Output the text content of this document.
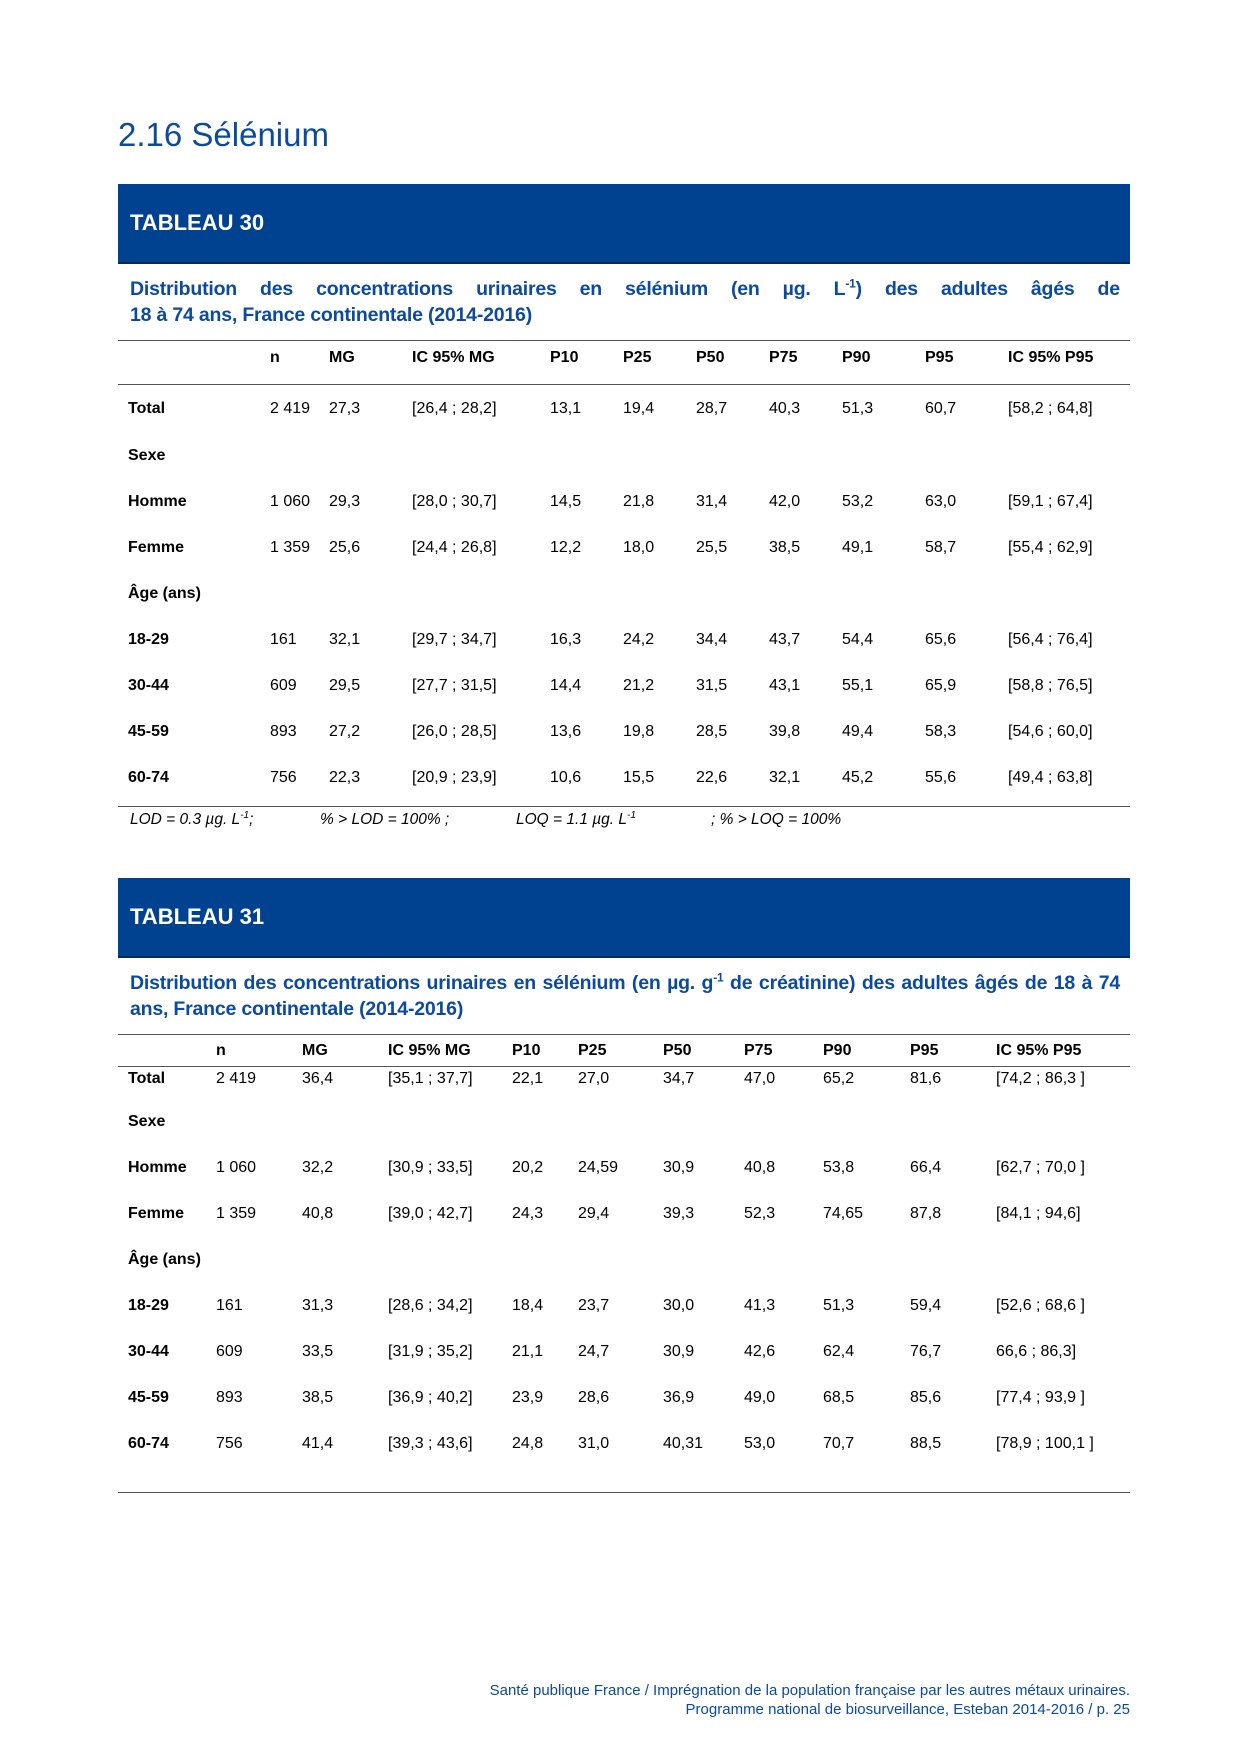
2.16 Sélénium
TABLEAU 30
Distribution des concentrations urinaires en sélénium (en µg. $L^{-1}$) des adultes âgés de
18 à 74 ans, France continentale (2014-2016)
	n	MG	IC 95% MG	P10	P25	P50	P75	P90	P95	IC 95% P95
Total	2 419	27,3	[26,4 ; 28,2]	13,1	19,4	28,7	40,3	51,3	60,7	[58,2 ; 64,8]
Sexe										
Homme	1 060	29,3	[28,0 ; 30,7]	14,5	21,8	31,4	42,0	53,2	63,0	[59,1 ; 67,4]
Femme	1 359	25,6	[24,4 ; 26,8]	12,2	18,0	25,5	38,5	49,1	58,7	[55,4 ; 62,9]
Âge (ans)										
18-29	161	32,1	[29,7 ; 34,7]	16,3	24,2	34,4	43,7	54,4	65,6	[56,4 ; 76,4]
30-44	609	29,5	[27,7 ; 31,5]	14,4	21,2	31,5	43,1	55,1	65,9	[58,8 ; 76,5]
45-59	893	27,2	[26,0 ; 28,5]	13,6	19,8	28,5	39,8	49,4	58,3	[54,6 ; 60,0]
60-74	756	22,3	[20,9 ; 23,9]	10,6	15,5	22,6	32,1	45,2	55,6	[49,4 ; 63,8]

LOD = 0.3 µg. $L^{-1}$;	% > LOD = 100% ;	LOQ = 1.1 µg. $L^{-1}$	; % > LOQ = 100%
TABLEAU 31
Distribution des concentrations urinaires en sélénium (en µg. $g^{-1}$ de créatinine) des adultes âgés de 18 à 74 ans, France continentale (2014-2016)
	n	MG	IC 95% MG	P10	P25	P50	P75	P90	P95	IC 95% P95
Total	2 419	36,4	[35,1 ; 37,7]	22,1	27,0	34,7	47,0	65,2	81,6	[74,2 ; 86,3 ]
Sexe										
Homme	1 060	32,2	[30,9 ; 33,5]	20,2	24,59	30,9	40,8	53,8	66,4	[62,7 ; 70,0 ]
Femme	1 359	40,8	[39,0 ; 42,7]	24,3	29,4	39,3	52,3	74,65	87,8	[84,1 ; 94,6]
Âge (ans)										
18-29	161	31,3	[28,6 ; 34,2]	18,4	23,7	30,0	41,3	51,3	59,4	[52,6 ; 68,6 ]
30-44	609	33,5	[31,9 ; 35,2]	21,1	24,7	30,9	42,6	62,4	76,7	66,6 ; 86,3]
45-59	893	38,5	[36,9 ; 40,2]	23,9	28,6	36,9	49,0	68,5	85,6	[77,4 ; 93,9 ]
60-74	756	41,4	[39,3 ; 43,6]	24,8	31,0	40,31	53,0	70,7	88,5	[78,9 ; 100,1 ]

Santé publique France / Imprégnation de la population française par les autres métaux urinaires.
Programme national de biosurveillance, Esteban 2014-2016 / p. 25
